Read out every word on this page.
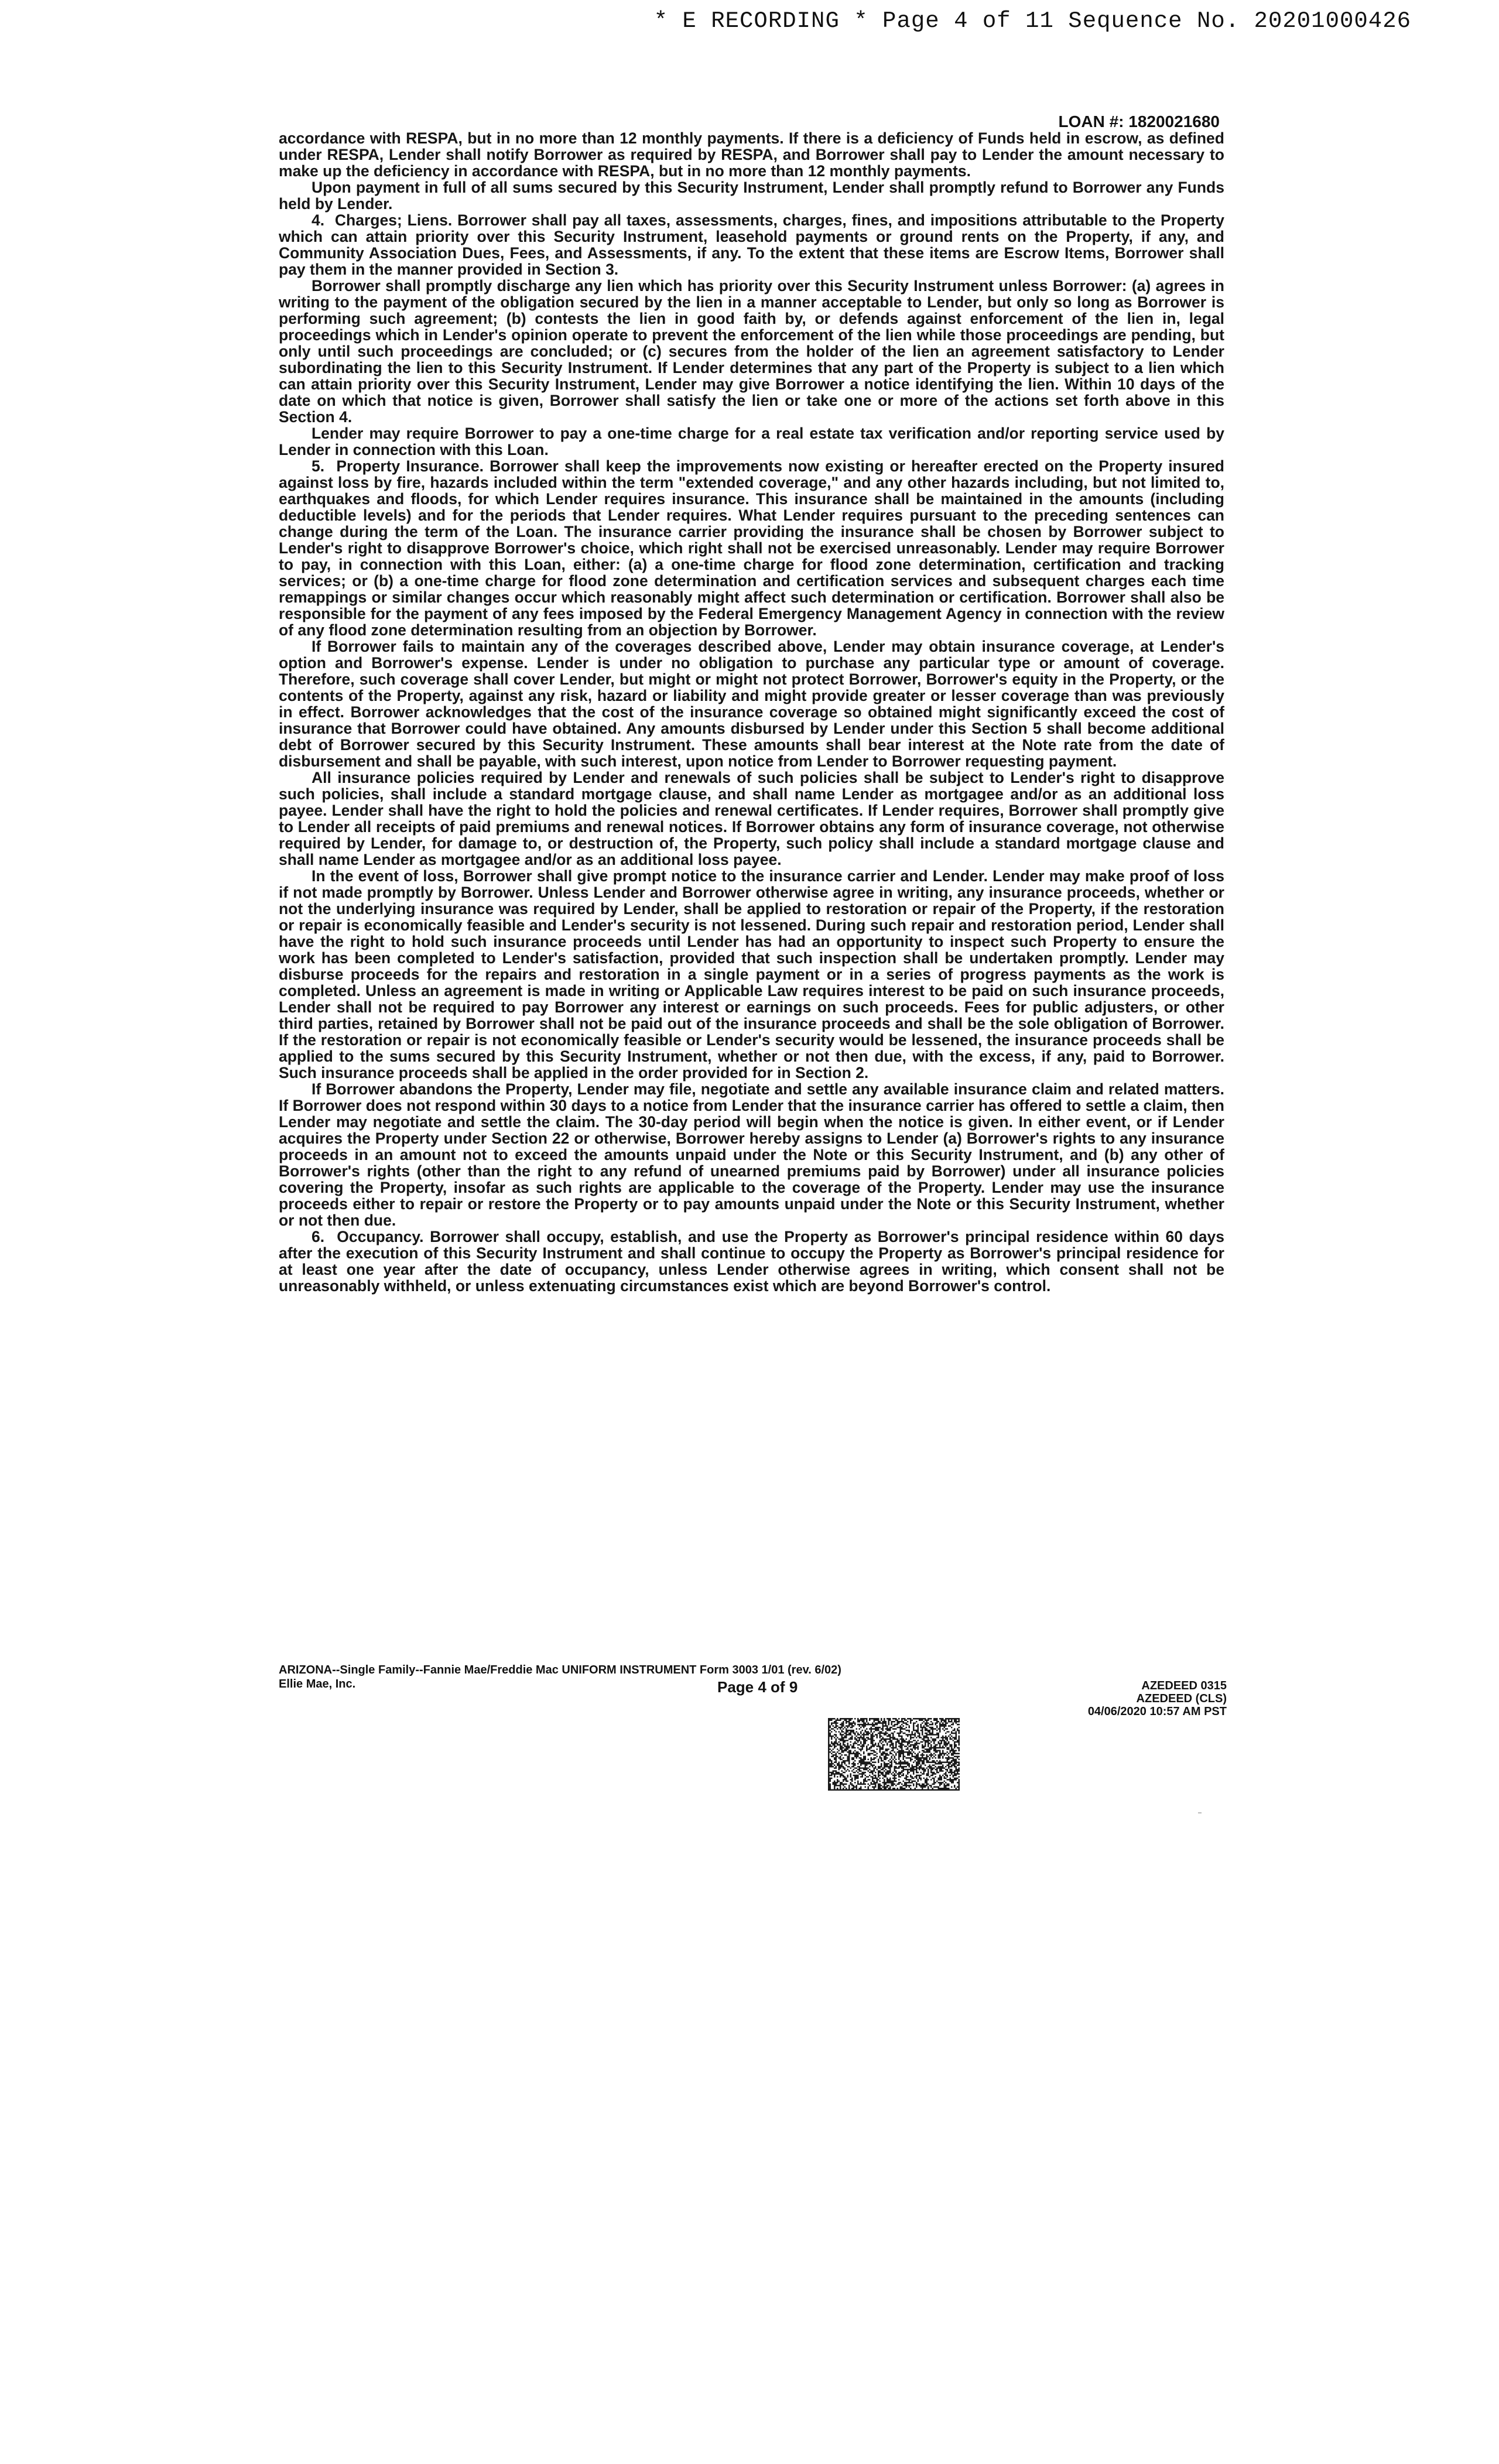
* E RECORDING * Page 4 of 11 Sequence No. 20201000426
LOAN #: 1820021680

accordance with RESPA, but in no more than 12 monthly payments. If there is a deficiency of Funds held in escrow, as defined under RESPA, Lender shall notify Borrower as required by RESPA, and Borrower shall pay to Lender the amount necessary to make up the deficiency in accordance with RESPA, but in no more than 12 monthly payments.

Upon payment in full of all sums secured by this Security Instrument, Lender shall promptly refund to Borrower any Funds held by Lender.

4. Charges; Liens. Borrower shall pay all taxes, assessments, charges, fines, and impositions attributable to the Property which can attain priority over this Security Instrument, leasehold payments or ground rents on the Property, if any, and Community Association Dues, Fees, and Assessments, if any. To the extent that these items are Escrow Items, Borrower shall pay them in the manner provided in Section 3.

Borrower shall promptly discharge any lien which has priority over this Security Instrument unless Borrower: (a) agrees in writing to the payment of the obligation secured by the lien in a manner acceptable to Lender, but only so long as Borrower is performing such agreement; (b) contests the lien in good faith by, or defends against enforcement of the lien in, legal proceedings which in Lender's opinion operate to prevent the enforcement of the lien while those proceedings are pending, but only until such proceedings are concluded; or (c) secures from the holder of the lien an agreement satisfactory to Lender subordinating the lien to this Security Instrument. If Lender determines that any part of the Property is subject to a lien which can attain priority over this Security Instrument, Lender may give Borrower a notice identifying the lien. Within 10 days of the date on which that notice is given, Borrower shall satisfy the lien or take one or more of the actions set forth above in this Section 4.

Lender may require Borrower to pay a one-time charge for a real estate tax verification and/or reporting service used by Lender in connection with this Loan.

5. Property Insurance. Borrower shall keep the improvements now existing or hereafter erected on the Property insured against loss by fire, hazards included within the term "extended coverage," and any other hazards including, but not limited to, earthquakes and floods, for which Lender requires insurance. This insurance shall be maintained in the amounts (including deductible levels) and for the periods that Lender requires. What Lender requires pursuant to the preceding sentences can change during the term of the Loan. The insurance carrier providing the insurance shall be chosen by Borrower subject to Lender's right to disapprove Borrower's choice, which right shall not be exercised unreasonably. Lender may require Borrower to pay, in connection with this Loan, either: (a) a one-time charge for flood zone determination, certification and tracking services; or (b) a one-time charge for flood zone determination and certification services and subsequent charges each time remappings or similar changes occur which reasonably might affect such determination or certification. Borrower shall also be responsible for the payment of any fees imposed by the Federal Emergency Management Agency in connection with the review of any flood zone determination resulting from an objection by Borrower.

If Borrower fails to maintain any of the coverages described above, Lender may obtain insurance coverage, at Lender's option and Borrower's expense. Lender is under no obligation to purchase any particular type or amount of coverage. Therefore, such coverage shall cover Lender, but might or might not protect Borrower, Borrower's equity in the Property, or the contents of the Property, against any risk, hazard or liability and might provide greater or lesser coverage than was previously in effect. Borrower acknowledges that the cost of the insurance coverage so obtained might significantly exceed the cost of insurance that Borrower could have obtained. Any amounts disbursed by Lender under this Section 5 shall become additional debt of Borrower secured by this Security Instrument. These amounts shall bear interest at the Note rate from the date of disbursement and shall be payable, with such interest, upon notice from Lender to Borrower requesting payment.

All insurance policies required by Lender and renewals of such policies shall be subject to Lender's right to disapprove such policies, shall include a standard mortgage clause, and shall name Lender as mortgagee and/or as an additional loss payee. Lender shall have the right to hold the policies and renewal certificates. If Lender requires, Borrower shall promptly give to Lender all receipts of paid premiums and renewal notices. If Borrower obtains any form of insurance coverage, not otherwise required by Lender, for damage to, or destruction of, the Property, such policy shall include a standard mortgage clause and shall name Lender as mortgagee and/or as an additional loss payee.

In the event of loss, Borrower shall give prompt notice to the insurance carrier and Lender. Lender may make proof of loss if not made promptly by Borrower. Unless Lender and Borrower otherwise agree in writing, any insurance proceeds, whether or not the underlying insurance was required by Lender, shall be applied to restoration or repair of the Property, if the restoration or repair is economically feasible and Lender's security is not lessened. During such repair and restoration period, Lender shall have the right to hold such insurance proceeds until Lender has had an opportunity to inspect such Property to ensure the work has been completed to Lender's satisfaction, provided that such inspection shall be undertaken promptly. Lender may disburse proceeds for the repairs and restoration in a single payment or in a series of progress payments as the work is completed. Unless an agreement is made in writing or Applicable Law requires interest to be paid on such insurance proceeds, Lender shall not be required to pay Borrower any interest or earnings on such proceeds. Fees for public adjusters, or other third parties, retained by Borrower shall not be paid out of the insurance proceeds and shall be the sole obligation of Borrower. If the restoration or repair is not economically feasible or Lender's security would be lessened, the insurance proceeds shall be applied to the sums secured by this Security Instrument, whether or not then due, with the excess, if any, paid to Borrower. Such insurance proceeds shall be applied in the order provided for in Section 2.

If Borrower abandons the Property, Lender may file, negotiate and settle any available insurance claim and related matters. If Borrower does not respond within 30 days to a notice from Lender that the insurance carrier has offered to settle a claim, then Lender may negotiate and settle the claim. The 30-day period will begin when the notice is given. In either event, or if Lender acquires the Property under Section 22 or otherwise, Borrower hereby assigns to Lender (a) Borrower's rights to any insurance proceeds in an amount not to exceed the amounts unpaid under the Note or this Security Instrument, and (b) any other of Borrower's rights (other than the right to any refund of unearned premiums paid by Borrower) under all insurance policies covering the Property, insofar as such rights are applicable to the coverage of the Property. Lender may use the insurance proceeds either to repair or restore the Property or to pay amounts unpaid under the Note or this Security Instrument, whether or not then due.

6. Occupancy. Borrower shall occupy, establish, and use the Property as Borrower's principal residence within 60 days after the execution of this Security Instrument and shall continue to occupy the Property as Borrower's principal residence for at least one year after the date of occupancy, unless Lender otherwise agrees in writing, which consent shall not be unreasonably withheld, or unless extenuating circumstances exist which are beyond Borrower's control.

ARIZONA--Single Family--Fannie Mae/Freddie Mac UNIFORM INSTRUMENT Form 3003 1/01 (rev. 6/02)
Ellie Mae, Inc.	Page 4 of 9	AZEDEED 0315
AZEDEED (CLS)
04/06/2020 10:57 AM PST
